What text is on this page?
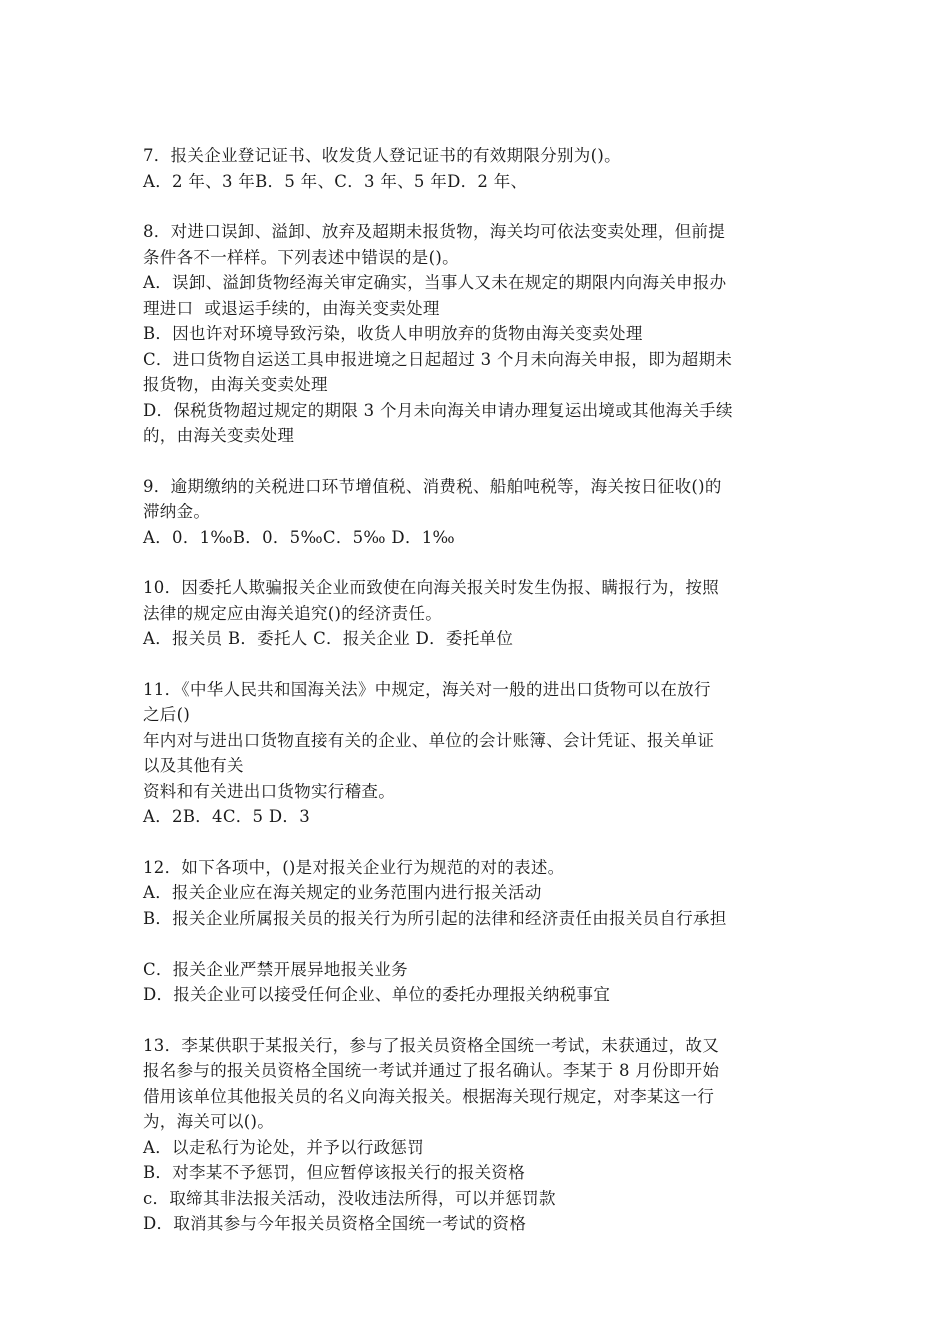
7．报关企业登记证书、收发货人登记证书的有效期限分别为()。
A．2 年、3 年B．5 年、C．3 年、5 年D．2 年、
8．对进口误卸、溢卸、放弃及超期未报货物，海关均可依法变卖处理，但前提
条件各不一样样。下列表述中错误的是()。
A．误卸、溢卸货物经海关审定确实，当事人又未在规定的期限内向海关申报办
理进口  或退运手续的，由海关变卖处理
B．因也许对环境导致污染，收货人申明放弃的货物由海关变卖处理
C．进口货物自运送工具申报进境之日起超过 3 个月未向海关申报，即为超期未
报货物，由海关变卖处理
D．保税货物超过规定的期限 3 个月未向海关申请办理复运出境或其他海关手续
的，由海关变卖处理
9．逾期缴纳的关税进口环节增值税、消费税、船舶吨税等，海关按日征收()的
滞纳金。
A．0．1‰B．0．5‰C．5‰ D．1‰
10．因委托人欺骗报关企业而致使在向海关报关时发生伪报、瞒报行为，按照
法律的规定应由海关追究()的经济责任。
A．报关员 B．委托人 C．报关企业 D．委托单位
11．《中华人民共和国海关法》中规定，海关对一般的进出口货物可以在放行
之后()
年内对与进出口货物直接有关的企业、单位的会计账簿、会计凭证、报关单证
以及其他有关
资料和有关进出口货物实行稽查。
A．2B．4C．5 D．3
12．如下各项中，()是对报关企业行为规范的对的表述。
A．报关企业应在海关规定的业务范围内进行报关活动
B．报关企业所属报关员的报关行为所引起的法律和经济责任由报关员自行承担
C．报关企业严禁开展异地报关业务
D．报关企业可以接受任何企业、单位的委托办理报关纳税事宜
13．李某供职于某报关行，参与了报关员资格全国统一考试，未获通过，故又
报名参与的报关员资格全国统一考试并通过了报名确认。李某于 8 月份即开始
借用该单位其他报关员的名义向海关报关。根据海关现行规定，对李某这一行
为，海关可以()。
A．以走私行为论处，并予以行政惩罚
B．对李某不予惩罚，但应暂停该报关行的报关资格
c．取缔其非法报关活动，没收违法所得，可以并惩罚款
D．取消其参与今年报关员资格全国统一考试的资格
